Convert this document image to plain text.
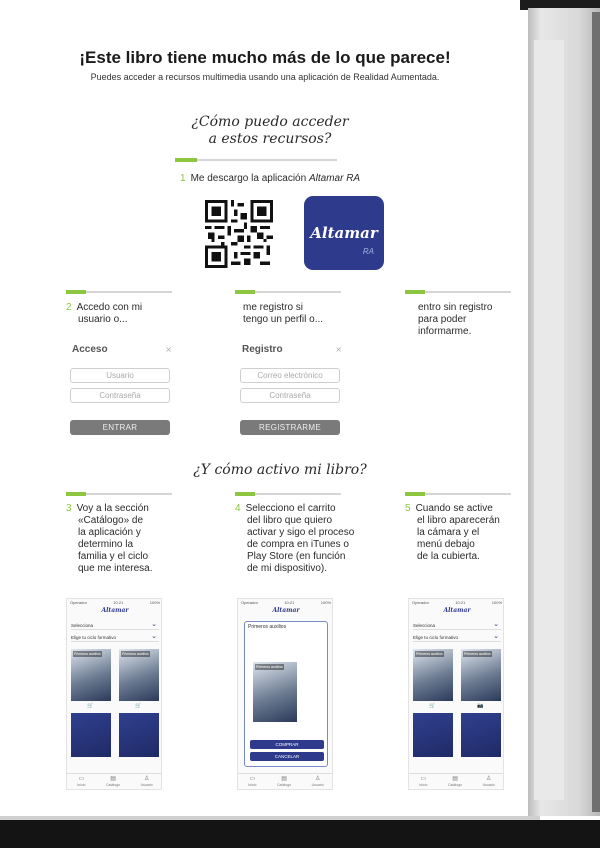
¡Este libro tiene mucho más de lo que parece!
Puedes acceder a recursos multimedia usando una aplicación de Realidad Aumentada.
¿Cómo puedo acceder
a estos recursos?
1 Me descargo la aplicación Altamar RA
Altamar
RA
2 Accedo con mi
usuario o...
me registro si
tengo un perfil o...
entro sin registro
para poder
informarme.
Acceso	×
Usuario
Contraseña
ENTRAR
Registro	×
Correo electrónico
Contraseña
REGISTRARME
¿Y cómo activo mi libro?
3 Voy a la sección
«Catálogo» de
la aplicación y
determino la
familia y el ciclo
que me interesa.
4 Selecciono el carrito
del libro que quiero
activar y sigo el proceso
de compra en iTunes o
Play Store (en función
de mi dispositivo).
5 Cuando se active
el libro aparecerán
la cámara y el
menú debajo
de la cubierta.
Operador	10:21	100%
Altamar
Selecciona	⌄
Elige tu ciclo formativo	⌄
Primeros auxilios	Primeros auxilios
🛒	🛒
▭
Inicio
▤
Catálogo
♙
Usuario
Operador	10:21	100%
Altamar
Primeros auxilios
Primeros auxilios
COMPRAR
CANCELAR
▭
Inicio
▤
Catálogo
♙
Usuario
Operador	10:21	100%
Altamar
Selecciona	⌄
Elige tu ciclo formativo	⌄
Primeros auxilios	Primeros auxilios
🛒	📷
▭
Inicio
▤
Catálogo
♙
Usuario
